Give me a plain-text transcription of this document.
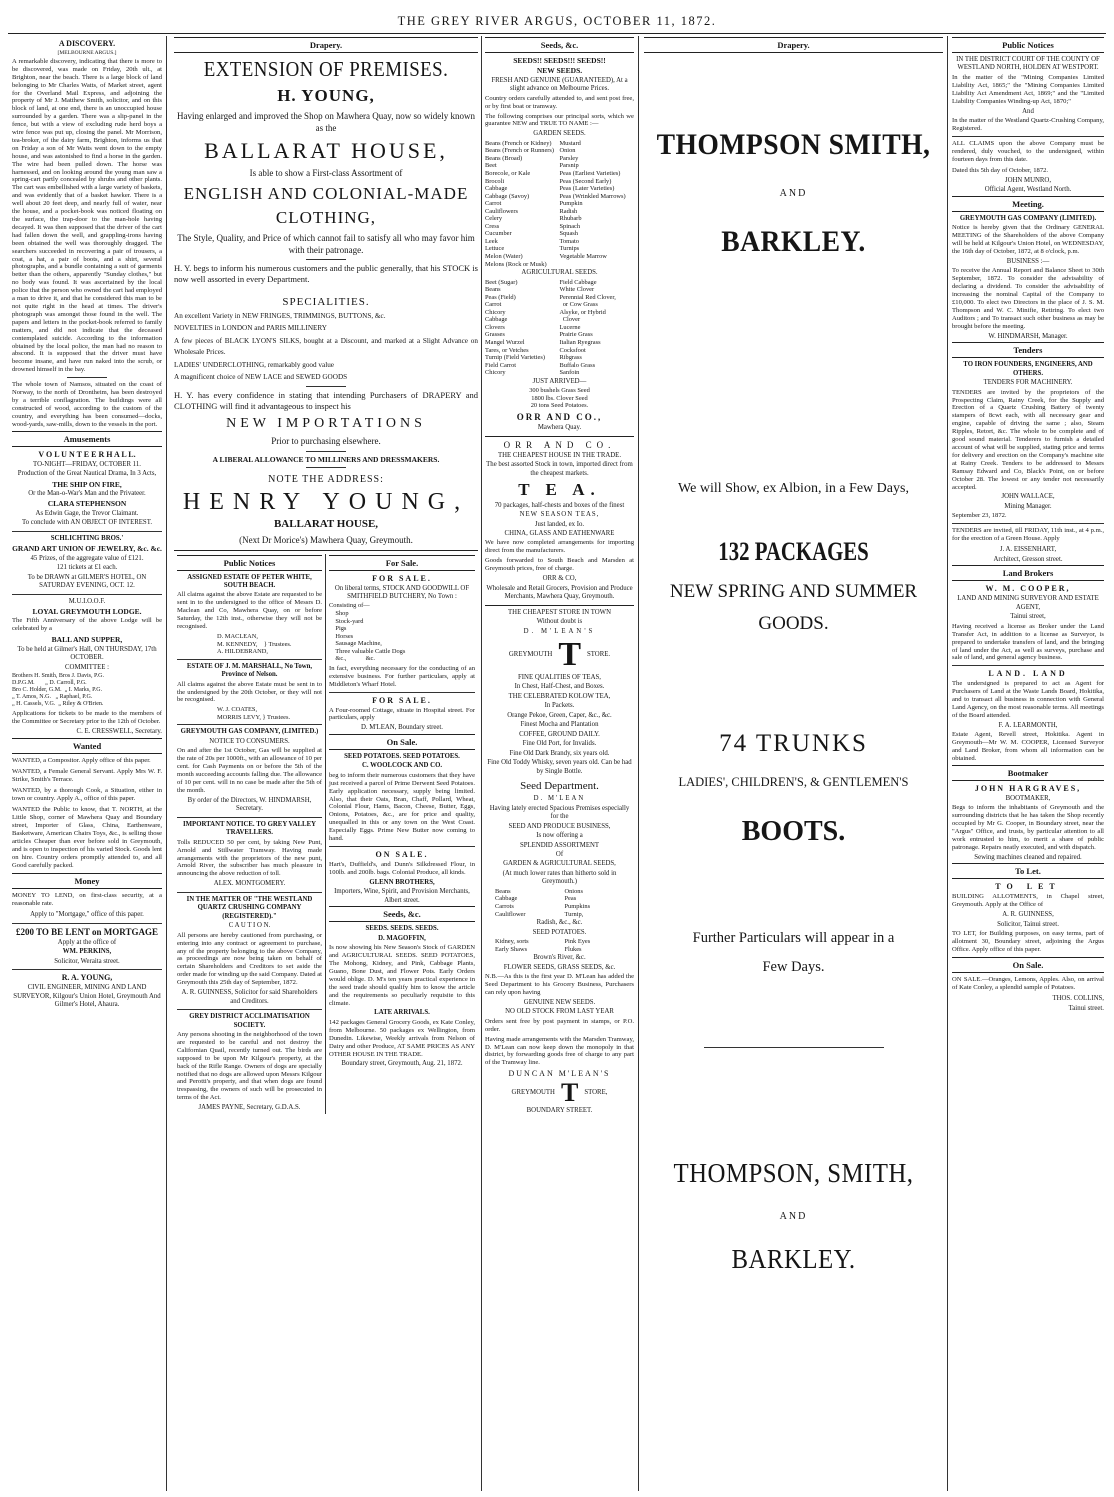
THE GREY RIVER ARGUS, OCTOBER 11, 1872.
A DISCOVERY.
[MELBOURNE ARGUS.]
A remarkable discovery, indicating that there is more to be discovered, was made on Friday, 20th ult., at Brighton, near the beach. There is a large block of land belonging to Mr Charles Watts, of Market street, agent for the Overland Mail Express, and adjoining the property of Mr J. Matthew Smith, solicitor, and on this block of land, at one end, there is an unoccupied house surrounded by a garden. There was a slip-panel in the fence, but with a view of excluding rude herd boys a wire fence was put up, closing the panel. Mr Morrison, tea-broker, of the dairy farm, Brighton, informs us that on Friday a son of Mr Watts went down to the empty house, and was astonished to find a horse in the garden. The wire had been pulled down. The horse was harnessed, and on looking around the young man saw a spring-cart partly concealed by shrubs and other plants. The cart was embellished with a large variety of baskets, and was evidently that of a basket hawker. There is a well about 20 feet deep, and nearly full of water, near the house, and a pocket-book was noticed floating on the surface, the trap-door to the man-hole having decayed. It was then supposed that the driver of the cart had fallen down the well, and grappling-irons having been obtained the well was thoroughly dragged. The searchers succeeded in recovering a pair of trousers, a coat, a hat, a pair of boots, and a shirt, several photographs, and a bundle containing a suit of garments better than the others, apparently "Sunday clothes," but no body was found. It was ascertained by the local police that the person who owned the cart had employed a man to drive it, and that he considered this man to be not quite right in the head at times. The driver's photograph was amongst those found in the well. The papers and letters in the pocket-book referred to family matters, and did not indicate that the deceased contemplated suicide. According to the information obtained by the local police, the man had no reason to abscond. It is supposed that the driver must have become insane, and have run naked into the scrub, or drowned himself in the bay.
The whole town of Namsos, situated on the coast of Norway, to the north of Drontheim, has been destroyed by a terrible conflagration. The buildings were all constructed of wood, according to the custom of the country, and everything has been consumed—docks, wood-yards, saw-mills, down to the vessels in the port.
Amusements
V O L U N T E E R H A L L.
TO-NIGHT—FRIDAY, OCTOBER 11.
Production of the Great Nautical Drama, In 3 Acts,
THE SHIP ON FIRE,
Or the Man-o-War's Man and the Privateer.
CLARA STEPHENSON
As Edwin Gage, the Trevor Claimant.
To conclude with AN OBJECT OF INTEREST.
SCHLICHTING BROS.'
GRAND ART UNION OF JEWELRY, &c. &c.
45 Prizes, of the aggregate value of £121.
121 tickets at £1 each.
To be DRAWN at GILMER'S HOTEL, ON SATURDAY EVENING, OCT. 12.
M.U.I.O.O.F.
LOYAL GREYMOUTH LODGE.
The Fifth Anniversary of the above Lodge will be celebrated by a
BALL AND SUPPER,
To be held at Gilmer's Hall, ON THURSDAY, 17th OCTOBER.
COMMITTEE :
Brothers H. Smith, Bros J. Davis, P.G.
D.P.G.M.       „ D. Carroll, P.G.
Bro C. Holder, G.M.  „ I. Marks, P.G.
„ T. Amos, N.G.   „ Raphael, P.G.
„ H. Cassels, V.G.  „ Riley & O'Brien.
Applications for tickets to be made to the members of the Committee or Secretary prior to the 12th of October.
C. E. CRESSWELL, Secretary.
Wanted
WANTED, a Compositor. Apply office of this paper.
WANTED, a Female General Servant. Apply Mrs W. F. Strike, Smith's Terrace.
WANTED, by a thorough Cook, a Situation, either in town or country. Apply A., office of this paper.
WANTED the Public to know, that T. NORTH, at the Little Shop, corner of Mawhera Quay and Boundary street, Importer of Glass, China, Earthenware, Basketware, American Chairs Toys, &c., is selling those articles Cheaper than ever before sold in Greymouth, and is open to inspection of his varied Stock. Goods lent on hire. Country orders promptly attended to, and all Good carefully packed.
Money
MONEY TO LEND, on first-class security, at a reasonable rate.
Apply to "Mortgage," office of this paper.
£200 TO BE LENT on MORTGAGE
Apply at the office of
WM. PERKINS,
Solicitor, Weraita street.
R. A. YOUNG,
CIVIL ENGINEER, MINING AND LAND SURVEYOR, Kilgour's Union Hotel, Greymouth And Gilmer's Hotel, Ahaura.
Drapery.
EXTENSION OF PREMISES.
H. YOUNG,
Having enlarged and improved the Shop on Mawhera Quay, now so widely known as the
BALLARAT HOUSE,
Is able to show a First-class Assortment of
ENGLISH AND COLONIAL-MADE
CLOTHING,
The Style, Quality, and Price of which cannot fail to satisfy all who may favor him with their patronage.
H. Y. begs to inform his numerous customers and the public generally, that his STOCK is now well assorted in every Department.
SPECIALITIES.
An excellent Variety in NEW FRINGES, TRIMMINGS, BUTTONS, &c.
NOVELTIES in LONDON and PARIS MILLINERY
A few pieces of BLACK LYON'S SILKS, bought at a Discount, and marked at a Slight Advance on Wholesale Prices.
LADIES' UNDERCLOTHING, remarkably good value
A magnificent choice of NEW LACE and SEWED GOODS
H. Y. has every confidence in stating that intending Purchasers of DRAPERY and CLOTHING will find it advantageous to inspect his
NEW IMPORTATIONS
Prior to purchasing elsewhere.
A LIBERAL ALLOWANCE TO MILLINERS AND DRESSMAKERS.
NOTE THE ADDRESS:
HENRY YOUNG,
BALLARAT HOUSE,
(Next Dr Morice's) Mawhera Quay, Greymouth.
Public Notices
ASSIGNED ESTATE OF PETER WHITE, SOUTH BEACH.
All claims against the above Estate are requested to be sent in to the undersigned to the office of Messrs D. Maclean and Co, Mawhera Quay, on or before Saturday, the 12th inst., otherwise they will not be recognised.
D. MACLEAN,
M. KENNEDY,    } Trustees.
A. HILDEBRAND,
ESTATE OF J. M. MARSHALL, No Town, Province of Nelson.
All claims against the above Estate must be sent in to the undersigned by the 20th October, or they will not be recognised.
W. J. COATES,
MORRIS LEVY, } Trustees.
GREYMOUTH GAS COMPANY, (LIMITED.)
NOTICE TO CONSUMERS.
On and after the 1st October, Gas will be supplied at the rate of 20s per 1000ft., with an allowance of 10 per cent. for Cash Payments on or before the 5th of the month succeeding accounts falling due. The allowance of 10 per cent. will in no case be made after the 5th of the month.
By order of the Directors, W. HINDMARSH, Secretary.
IMPORTANT NOTICE. TO GREY VALLEY TRAVELLERS.
Tolls REDUCED 50 per cent, by taking New Punt, Arnold and Stillwater Tramway. Having made arrangements with the proprietors of the new punt, Arnold River, the subscriber has much pleasure in announcing the above reduction of toll.
ALEX. MONTGOMERY.
IN THE MATTER OF "THE WESTLAND QUARTZ CRUSHING COMPANY (REGISTERED)."
C A U T I O N.
All persons are hereby cautioned from purchasing, or entering into any contract or agreement to purchase, any of the property belonging to the above Company, as proceedings are now being taken on behalf of certain Shareholders and Creditors to set aside the order made for winding up the said Company. Dated at Greymouth this 25th day of September, 1872.
A. R. GUINNESS, Solicitor for said Shareholders and Creditors.
GREY DISTRICT ACCLIMATISATION SOCIETY.
Any persons shooting in the neighborhood of the town are requested to be careful and not destroy the Californian Quail, recently turned out. The birds are supposed to be upon Mr Kilgour's property, at the back of the Rifle Range. Owners of dogs are specially notified that no dogs are allowed upon Messrs Kilgour and Perotti's property, and that when dogs are found trespassing, the owners of such will be prosecuted in terms of the Act.
JAMES PAYNE, Secretary, G.D.A.S.
For Sale.
FOR SALE.
On liberal terms, STOCK AND GOODWILL OF SMITHFIELD BUTCHERY, No Town :
Consisting of—
Shop
Stock-yard
Pigs
Horses
Sausage Machine,
Three valuable Cattle Dogs
&c.,            &c.
In fact, everything necessary for the conducting of an extensive business. For further particulars, apply at Middleton's Wharf Hotel.
FOR SALE.
A Four-roomed Cottage, situate in Hospital street. For particulars, apply
D. M'LEAN, Boundary street.
On Sale.
SEED POTATOES. SEED POTATOES.
C. WOOLCOCK AND CO.
beg to inform their numerous customers that they have just received a parcel of Prime Derwent Seed Potatoes. Early application necessary, supply being limited. Also, that their Oats, Bran, Chaff, Pollard, Wheat, Colonial Flour, Hams, Bacon, Cheese, Butter, Eggs, Onions, Potatoes, &c., are for price and quality, unequalled in this or any town on the West Coast. Especially Eggs. Prime New Butter now coming to hand.
ON SALE.
Hart's, Duffield's, and Dunn's Silkdressed Flour, in 100lb. and 200lb. bags. Colonial Produce, all kinds.
GLENN BROTHERS,
Importers, Wine, Spirit, and Provision Merchants, Albert street.
Seeds, &c.
SEEDS. SEEDS. SEEDS.
D. MAGOFFIN,
Is now showing his New Season's Stock of GARDEN and AGRICULTURAL SEEDS. SEED POTATOES, The Mohong, Kidney, and Pink, Cabbage Plants, Guano, Bone Dust, and Flower Pots. Early Orders would oblige. D. M's ten years practical experience in the seed trade should qualify him to know the article and the requirements so peculiarly requisite to this climate.
LATE ARRIVALS.
142 packages General Grocery Goods, ex Kate Conley, from Melbourne. 50 packages ex Wellington, from Dunedin. Likewise, Weekly arrivals from Nelson of Dairy and other Produce, AT SAME PRICES AS ANY OTHER HOUSE IN THE TRADE.
Boundary street, Greymouth, Aug. 21, 1872.
Seeds, &c.
SEEDS!! SEEDS!!! SEEDS!!
NEW SEEDS.
FRESH AND GENUINE (GUARANTEED), At a slight advance on Melbourne Prices.
Country orders carefully attended to, and sent post free, or by first boat or tramway.
The following comprises our principal sorts, which we guarantee NEW and TRUE TO NAME :—
GARDEN SEEDS.
Beans (French or Kidney)
Beans (French or Runners)
Beans (Broad)
Beet
Borecole, or Kale
Brocoli
Cabbage
Cabbage (Savoy)
Carrot
Cauliflowers
Celery
Cress
Cucumber
Leek
Lettuce
Melon (Water)
Melons (Rock or Musk)
Mustard
Onion
Parsley
Parsnip
Peas (Earliest Varieties)
Peas (Second Early)
Peas (Later Varieties)
Peas (Wrinkled Marrows)
Pumpkin
Radish
Rhubarb
Spinach
Squash
Tomato
Turnips
Vegetable Marrow
AGRICULTURAL SEEDS.
Beet (Sugar)
Beans
Peas (Field)
Carrot
Chicory
Cabbage
Clovers
Grasses
Mangel Wurzel
Tares, or Vetches
Turnip (Field Varieties)
Field Carrot
Chicory
Field Cabbage
White Clover
Perennial Red Clover,
or Cow Grass
Alsyke, or Hybrid
Clover
Lucerne
Prairie Grass
Italian Ryegrass
Cocksfoot
Ribgrass
Buffalo Grass
Sanfoin
JUST ARRIVED—
300 bushels Grass Seed
1800 lbs. Clover Seed
20 tons Seed Potatoes.
ORR AND CO.,
Mawhera Quay.
ORR AND CO.
THE CHEAPEST HOUSE IN THE TRADE.
The best assorted Stock in town, imported direct from the cheapest markets.
T E A.
70 packages, half-chests and boxes of the finest
NEW SEASON TEAS,
Just landed, ex Io.
CHINA, GLASS AND EATHENWARE
We have now completed arrangements for importing direct from the manufacturers.
Goods forwarded to South Beach and Marsden at Greymouth prices, free of charge.
ORR & CO,
Wholesale and Retail Grocers, Provision and Produce Merchants, Mawhera Quay, Greymouth.
THE CHEAPEST STORE IN TOWN
Without doubt is
D. M'LEAN'S
GREYMOUTH T STORE.
FINE QUALITIES OF TEAS,
In Chest, Half-Chest, and Boxes.
THE CELEBRATED KOLOW TEA,
In Packets.
Orange Pekoe, Green, Caper, &c., &c.
Finest Mocha and Plantation
COFFEE, GROUND DAILY.
Fine Old Port, for Invalids.
Fine Old Dark Brandy, six years old.
Fine Old Toddy Whisky, seven years old. Can be had by Single Bottle.
Seed Department.
D. M'LEAN
Having lately erected Spacious Premises especially for the
SEED AND PRODUCE BUSINESS,
Is now offering a
SPLENDID ASSORTMENT
Of
GARDEN & AGRICULTURAL SEEDS,
(At much lower rates than hitherto sold in Greymouth.)
Beans
Cabbage
Carrots
Cauliflower
Onions
Peas
Pumpkins
Turnip,
Radish, &c., &c.
SEED POTATOES.
Kidney, sorts
Early Shaws
Pink Eyes
Flukes
Brown's River, &c.
FLOWER SEEDS, GRASS SEEDS, &c.
N.B.—As this is the first year D. M'Lean has added the Seed Department to his Grocery Business, Purchasers can rely upon having
GENUINE NEW SEEDS.
NO OLD STOCK FROM LAST YEAR
Orders sent free by post payment in stamps, or P.O. order.
Having made arrangements with the Marsden Tramway, D. M'Lean can now keep down the monopoly in that district, by forwarding goods free of charge to any part of the Tramway line.
DUNCAN M'LEAN'S
GREYMOUTH T STORE,
BOUNDARY STREET.
Drapery.
THOMPSON SMITH,
AND
BARKLEY.
We will Show, ex Albion, in a Few Days,
132 PACKAGES
NEW SPRING AND SUMMER
GOODS.
74 TRUNKS
LADIES', CHILDREN'S, & GENTLEMEN'S
BOOTS.
Further Particulars will appear in a
Few Days.
THOMPSON, SMITH,
AND
BARKLEY.
Public Notices
IN THE DISTRICT COURT OF THE COUNTY OF WESTLAND NORTH, HOLDEN AT WESTPORT.
In the matter of the "Mining Companies Limited Liability Act, 1865;" the "Mining Companies Limited Liability Act Amendment Act, 1869;" and the "Limited Liability Companies Winding-up Act, 1870;"
And
In the matter of the Westland Quartz-Crushing Company, Registered.
ALL CLAIMS upon the above Company must be rendered, duly vouched, to the undersigned, within fourteen days from this date.
Dated this 5th day of October, 1872.
JOHN MUNRO,
Official Agent, Westland North.
Meeting.
GREYMOUTH GAS COMPANY (LIMITED).
Notice is hereby given that the Ordinary GENERAL MEETING of the Shareholders of the above Company will be held at Kilgour's Union Hotel, on WEDNESDAY, the 16th day of October, 1872, at 8 o'clock, p.m.
BUSINESS :—
To receive the Annual Report and Balance Sheet to 30th September, 1872. To consider the advisability of declaring a dividend. To consider the advisability of increasing the nominal Capital of the Company to £10,000. To elect two Directors in the place of J. S. M. Thompson and W. C. Minifie, Retiring. To elect two Auditors ; and To transact such other business as may be brought before the meeting.
W. HINDMARSH, Manager.
Tenders
TO IRON FOUNDERS, ENGINEERS, AND OTHERS.
TENDERS FOR MACHINERY.
TENDERS are invited by the proprietors of the Prospecting Claim, Rainy Creek, for the Supply and Erection of a Quartz Crushing Battery of twenty stampers of 8cwt each, with all necessary gear and engine, capable of driving the same ; also, Steam Ripples, Retort, &c. The whole to be complete and of good sound material. Tenderers to furnish a detailed account of what will be supplied, stating price and terms for delivery and erection on the Company's machine site at Rainy Creek. Tenders to be addressed to Messrs Ramsay Edward and Co, Black's Point, on or before October 28. The lowest or any tender not necessarily accepted.
JOHN WALLACE,
Mining Manager.
September 23, 1872.
TENDERS are invited, till FRIDAY, 11th inst., at 4 p.m., for the erection of a Green House. Apply
J. A. EISSENHART,
Architect, Gresson street.
Land Brokers
W. M. COOPER,
LAND AND MINING SURVEYOR AND ESTATE AGENT,
Tainui street,
Having received a license as Broker under the Land Transfer Act, in addition to a license as Surveyor, is prepared to undertake transfers of land, and the bringing of land under the Act, as well as surveys, purchase and sale of land, and general agency business.
LAND. LAND
The undersigned is prepared to act as Agent for Purchasers of Land at the Waste Lands Board, Hokitika, and to transact all business in connection with General Land Agency, on the most reasonable terms. All meetings of the Board attended.
F. A. LEARMONTH,
Estate Agent, Revell street, Hokitika. Agent in Greymouth—Mr W. M. COOPER, Licensed Surveyor and Land Broker, from whom all information can be obtained.
Bootmaker
JOHN HARGRAVES,
BOOTMAKER,
Begs to inform the inhabitants of Greymouth and the surrounding districts that he has taken the Shop recently occupied by Mr G. Cooper, in Boundary street, near the "Argus" Office, and trusts, by particular attention to all work entrusted to him, to merit a share of public patronage. Repairs neatly executed, and with dispatch.
Sewing machines cleaned and repaired.
To Let.
TO LET
BUILDING ALLOTMENTS, in Chapel street, Greymouth. Apply at the Office of
A. R. GUINNESS,
Solicitor, Tainui street.
TO LET, for Building purposes, on easy terms, part of allotment 30, Boundary street, adjoining the Argus Office. Apply office of this paper.
On Sale.
ON SALE.—Oranges, Lemons, Apples. Also, on arrival of Kate Conley, a splendid sample of Potatoes.
THOS. COLLINS,
Tainui street.
